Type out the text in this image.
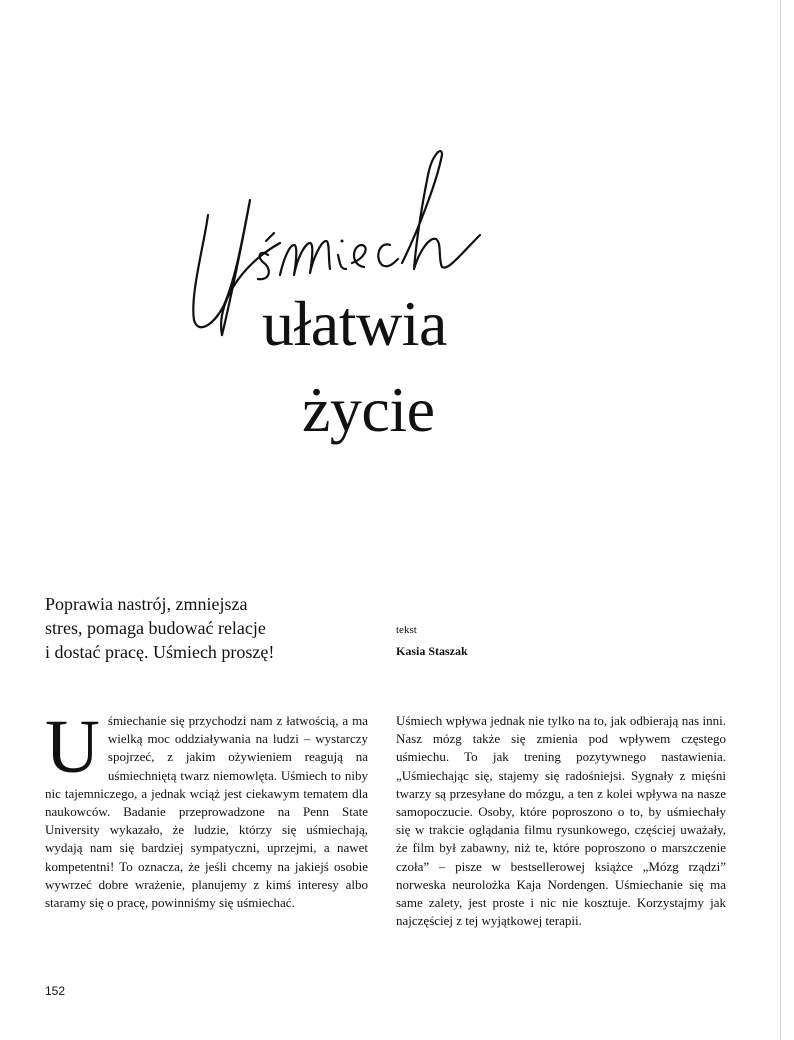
ułatwia
życie
Poprawia nastrój, zmniejsza
stres, pomaga budować relacje
i dostać pracę. Uśmiech proszę!
tekst
Kasia Staszak
Uśmiechanie się przychodzi nam z łatwością, a ma wielką moc oddziaływania na ludzi – wystarczy spojrzeć, z jakim ożywieniem reagują na uśmiechniętą twarz niemowlęta. Uśmiech to niby nic tajemniczego, a jednak wciąż jest ciekawym tematem dla naukowców. Badanie przeprowadzone na Penn State University wykazało, że ludzie, którzy się uśmiechają, wydają nam się bardziej sympatyczni, uprzejmi, a nawet kompetentni! To oznacza, że jeśli chcemy na jakiejś osobie wywrzeć dobre wrażenie, planujemy z kimś interesy albo staramy się o pracę, powinniśmy się uśmiechać.
Uśmiech wpływa jednak nie tylko na to, jak odbierają nas inni. Nasz mózg także się zmienia pod wpływem częstego uśmiechu. To jak trening pozytywnego nastawienia. „Uśmiechając się, stajemy się radośniejsi. Sygnały z mięśni twarzy są przesyłane do mózgu, a ten z kolei wpływa na nasze samopoczucie. Osoby, które poproszono o to, by uśmiechały się w trakcie oglądania filmu rysunkowego, częściej uważały, że film był zabawny, niż te, które poproszono o marszczenie czoła” – pisze w bestsellerowej książce „Mózg rządzi” norweska neurolożka Kaja Nordengen. Uśmiechanie się ma same zalety, jest proste i nic nie kosztuje. Korzystajmy jak najczęściej z tej wyjątkowej terapii.
152
